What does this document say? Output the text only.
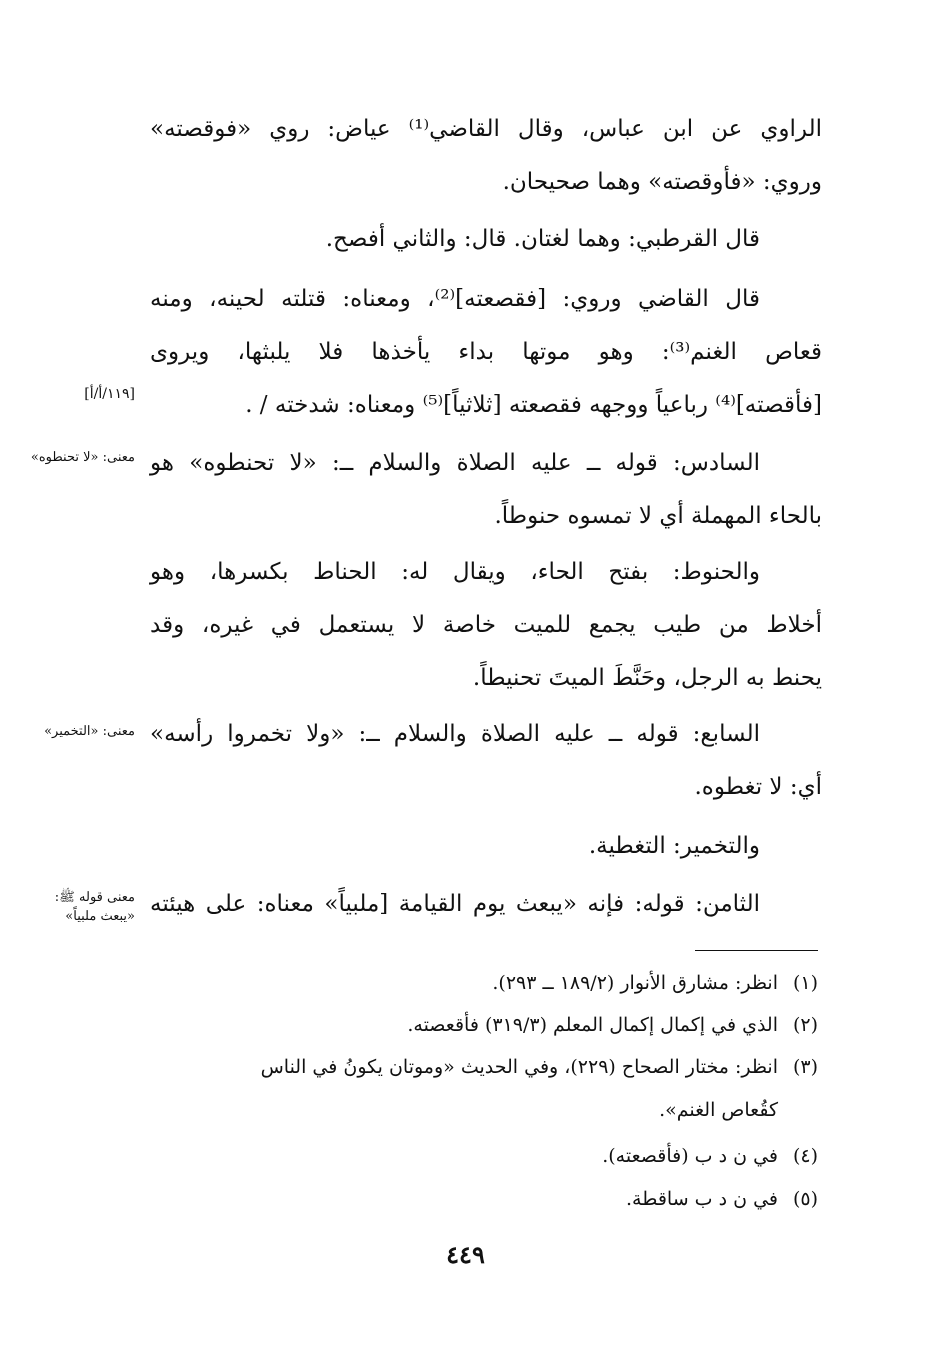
الراوي عن ابن عباس، وقال القاضي⁽¹⁾ عياض: روي «فوقصته»
وروي: «فأوقصته» وهما صحيحان.
قال القرطبي: وهما لغتان. قال: والثاني أفصح.
قال القاضي وروي: [فقصعته]⁽²⁾، ومعناه: قتلته لحينه، ومنه
قعاص الغنم⁽³⁾: وهو موتها بداء يأخذها فلا يلبثها، ويروى
[فأقصته]⁽⁴⁾ رباعياً ووجهه فقصعته [ثلاثياً]⁽⁵⁾ ومعناه: شدخته / .
السادس: قوله ــ عليه الصلاة والسلام ــ: «لا تحنطوه» هو
بالحاء المهملة أي لا تمسوه حنوطاً.
والحنوط: بفتح الحاء، ويقال له: الحناط بكسرها، وهو
أخلاط من طيب يجمع للميت خاصة لا يستعمل في غيره، وقد
يحنط به الرجل، وحَنَّطَ الميتَ تحنيطاً.
السابع: قوله ــ عليه الصلاة والسلام ــ: «ولا تخمروا رأسه»
أي: لا تغطوه.
والتخمير: التغطية.
الثامن: قوله: فإنه «يبعث يوم القيامة [ملبياً» معناه: على هيئته
[١١٩/أ/أ]
معنى: «لا تحنطوه»
معنى: «التخمير»
معنى قوله ﷺ: «يبعث ملبياً»
(١)انظر: مشارق الأنوار (١٨٩/٢ ــ ٢٩٣).
(٢)الذي في إكمال إكمال المعلم (٣١٩/٣) فأقعصته.
(٣)انظر: مختار الصحاح (٢٢٩)، وفي الحديث «وموتان يكونُ في الناس
كقُعاص الغنم».
(٤)في ن د ب (فأقصعته).
(٥)في ن د ب ساقطة.
٤٤٩
